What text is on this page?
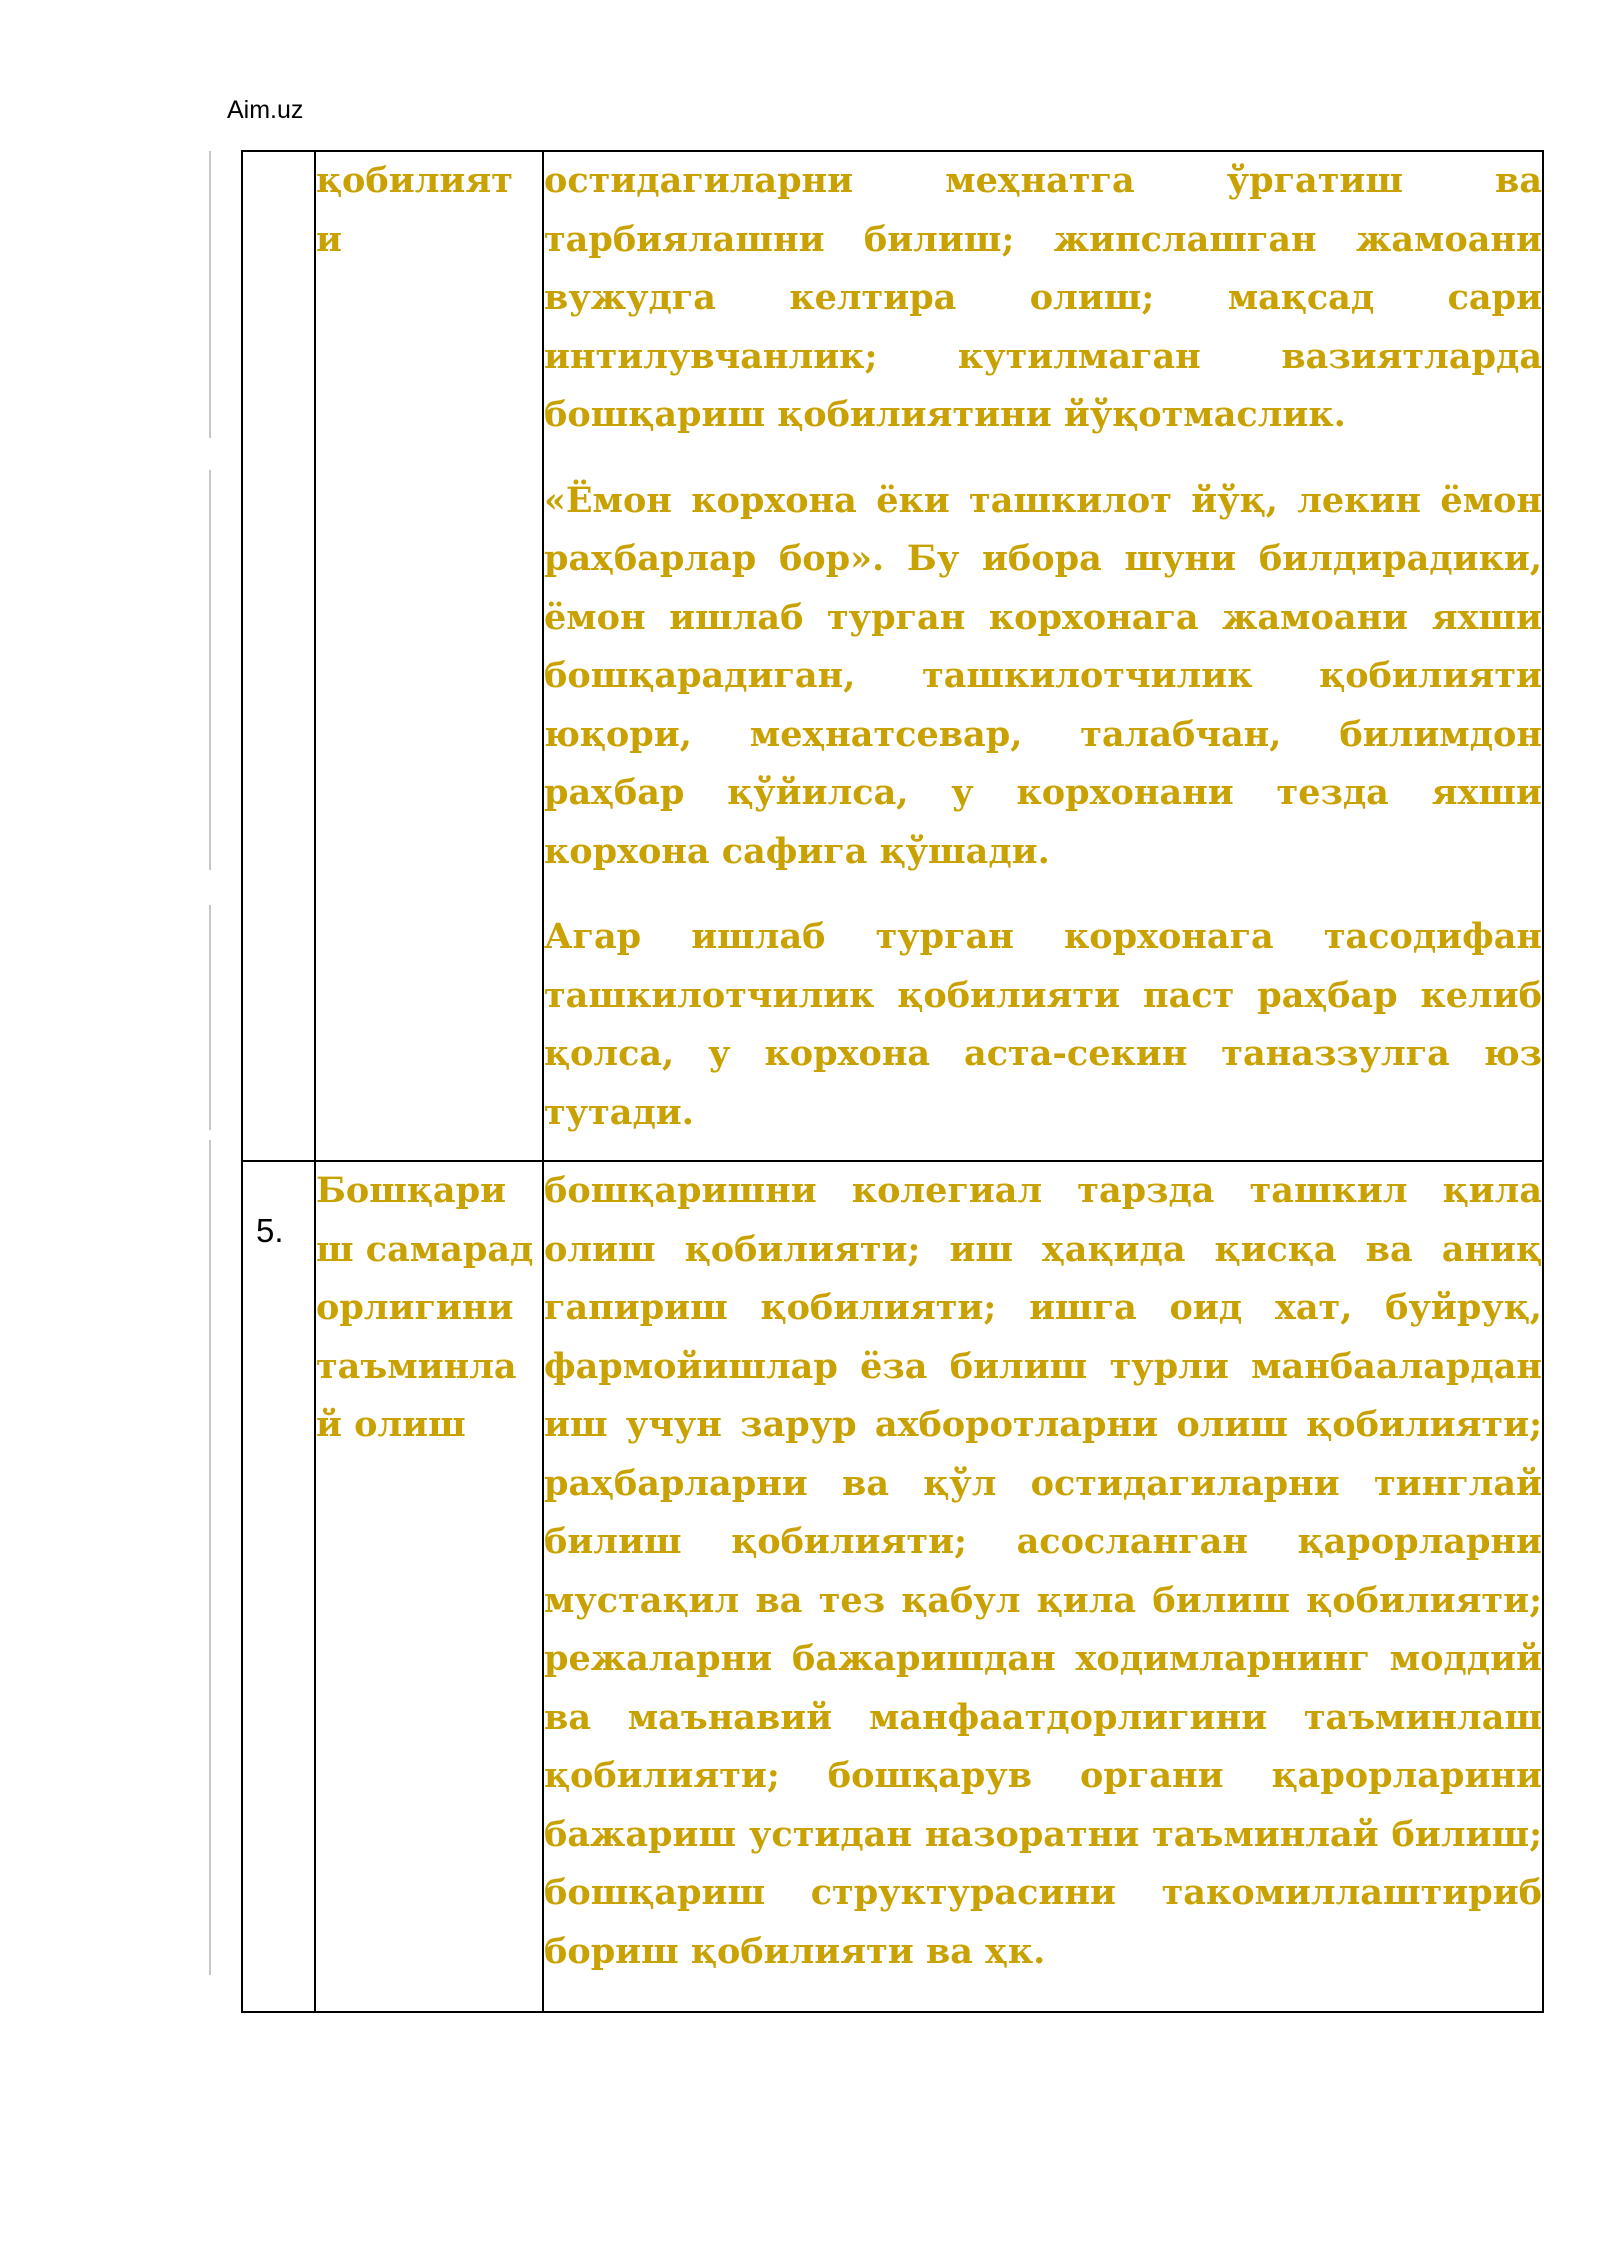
Aim.uz

	қобилият и	остидагиларни меҳнатга ўргатиш ва тарбиялашни билиш; жипслашган жамоани вужудга келтира олиш; мақсад сари интилувчанлик; кутилмаган вазиятларда бошқариш қобилиятини йўқотмаслик.

«Ёмон корхона ёки ташкилот йўқ, лекин ёмон раҳбарлар бор». Бу ибора шуни билдирадики, ёмон ишлаб турган корхонага жамоани яхши бошқарадиган, ташкилотчилик қобилияти юқори, меҳнатсевар, талабчан, билимдон раҳбар қўйилса, у корхонани тезда яхши корхона сафига қўшади.

Агар ишлаб турган корхонага тасодифан ташкилотчилик қобилияти паст раҳбар келиб қолса, у корхона аста-секин таназзулга юз тутади.

5.	Бошқариш самарадорлигини таъминлай олиш	бошқаришни колегиал тарзда ташкил қила олиш қобилияти; иш ҳақида қисқа ва аниқ гапириш қобилияти; ишга оид хат, буйруқ, фармойишлар ёза билиш турли манбаалардан иш учун зарур ахборотларни олиш қобилияти; раҳбарларни ва қўл остидагиларни тинглай билиш қобилияти; асосланган қарорларни мустақил ва тез қабул қила билиш қобилияти; режаларни бажаришдан ходимларнинг моддий ва маънавий манфаатдорлигини таъминлаш қобилияти; бошқарув органи қарорларини бажариш устидан назоратни таъминлай билиш; бошқариш структурасини такомиллаштириб бориш қобилияти ва ҳк.
